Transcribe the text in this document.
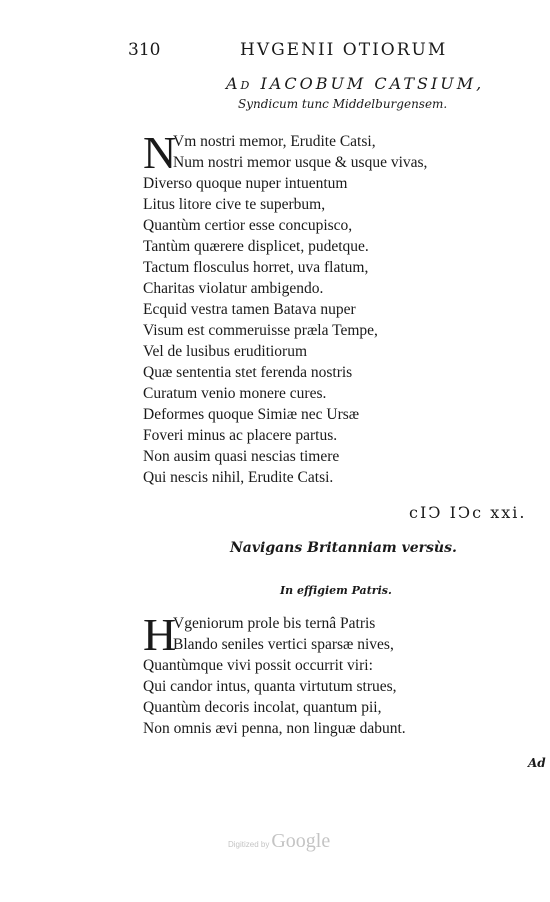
310	HVGENII OTIORUM
Ad IACOBUM CATSIUM,
Syndicum tunc Middelburgensem.
N
Vm nostri memor, Erudite Catsi,
Num nostri memor usque & usque vivas,
Diverso quoque nuper intuentum
Litus litore cive te superbum,
Quantùm certior esse concupisco,
Tantùm quærere displicet, pudetque.
Tactum flosculus horret, uva flatum,
Charitas violatur ambigendo.
Ecquid vestra tamen Batava nuper
Visum est commeruisse præla Tempe,
Vel de lusibus eruditiorum
Quæ sententia stet ferenda nostris
Curatum venio monere cures.
Deformes quoque Simiæ nec Ursæ
Foveri minus ac placere partus.
Non ausim quasi nescias timere
Qui nescis nihil, Erudite Catsi.
cIↃ IↃc xxi.
Navigans Britanniam versùs.
In effigiem Patris.
H
Vgeniorum prole bis ternâ Patris
Blando seniles vertici sparsæ nives,
Quantùmque vivi possit occurrit viri:
Qui candor intus, quanta virtutum strues,
Quantùm decoris incolat, quantum pii,
Non omnis ævi penna, non linguæ dabunt.
Ad
Digitized by Google
